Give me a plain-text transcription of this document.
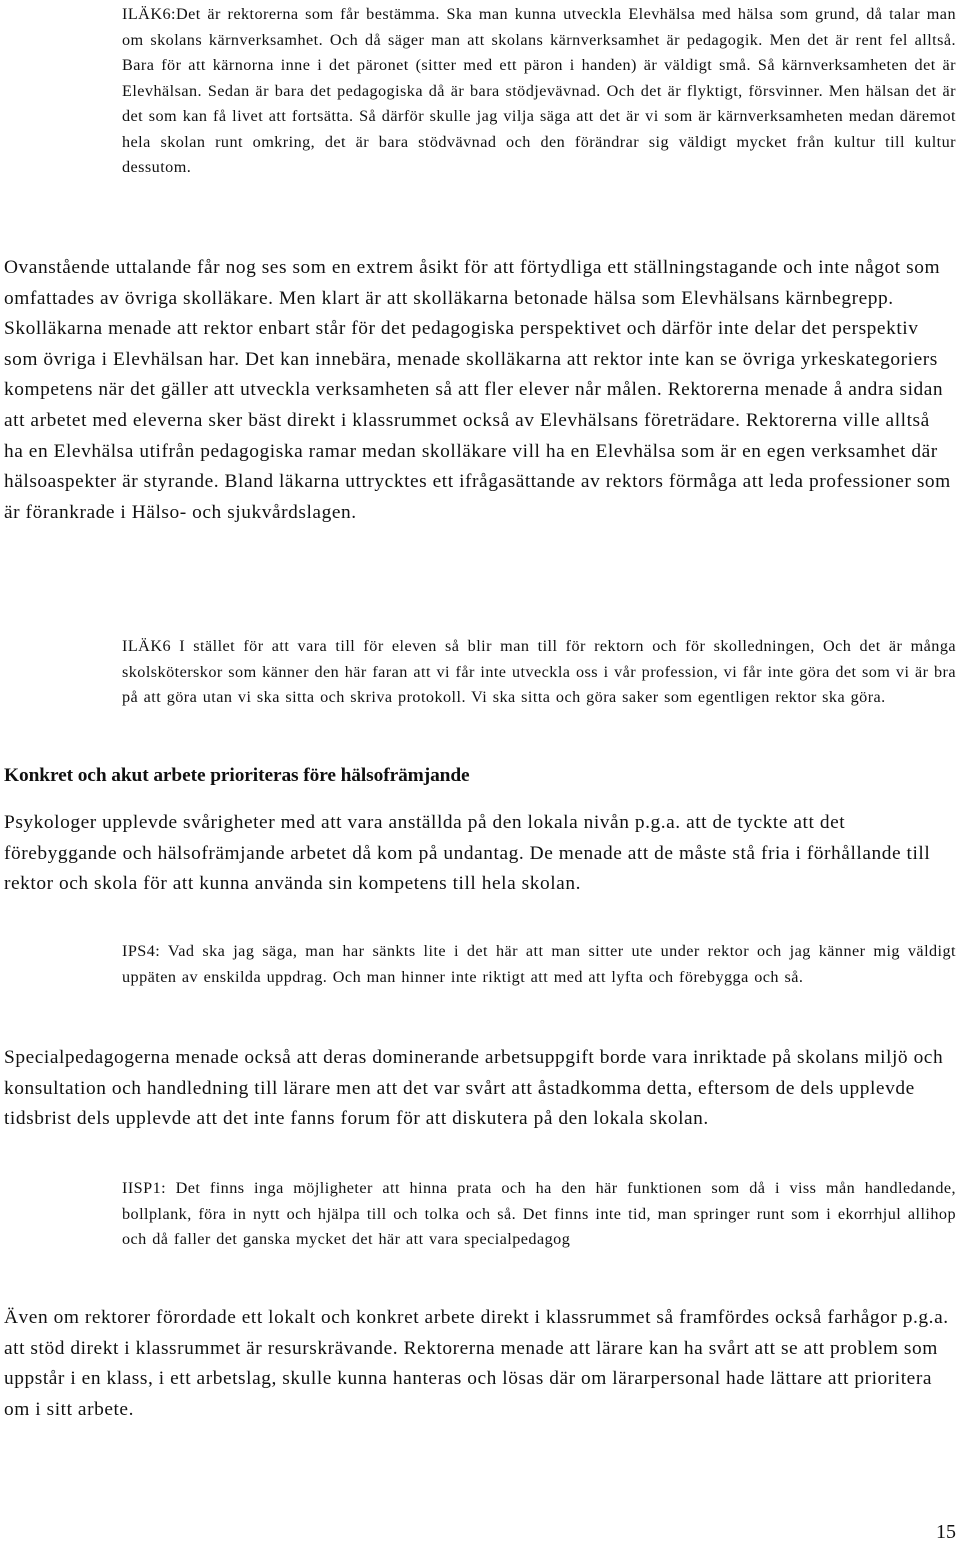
ILÄK6:Det är rektorerna som får bestämma. Ska man kunna utveckla Elevhälsa med hälsa som grund, då talar man om skolans kärnverksamhet. Och då säger man att skolans kärnverksamhet är pedagogik. Men det är rent fel alltså. Bara för att kärnorna inne i det päronet (sitter med ett päron i handen) är väldigt små. Så kärnverksamheten det är Elevhälsan. Sedan är bara det pedagogiska då är bara stödjevävnad. Och det är flyktigt, försvinner. Men hälsan det är det som kan få livet att fortsätta. Så därför skulle jag vilja säga att det är vi som är kärnverksamheten medan däremot hela skolan runt omkring, det är bara stödvävnad och den förändrar sig väldigt mycket från kultur till kultur dessutom.

Ovanstående uttalande får nog ses som en extrem åsikt för att förtydliga ett ställningstagande och inte något som omfattades av övriga skolläkare. Men klart är att skolläkarna betonade hälsa som Elevhälsans kärnbegrepp. Skolläkarna menade att rektor enbart står för det pedagogiska perspektivet och därför inte delar det perspektiv som övriga i Elevhälsan har. Det kan innebära, menade skolläkarna att rektor inte kan se övriga yrkeskategoriers kompetens när det gäller att utveckla verksamheten så att fler elever når målen. Rektorerna menade å andra sidan att arbetet med eleverna sker bäst direkt i klassrummet också av Elevhälsans företrädare. Rektorerna ville alltså ha en Elevhälsa utifrån pedagogiska ramar medan skolläkare vill ha en Elevhälsa som är en egen verksamhet där hälsoaspekter är styrande. Bland läkarna uttrycktes ett ifrågasättande av rektors förmåga att leda professioner som är förankrade i Hälso- och sjukvårdslagen.

ILÄK6 I stället för att vara till för eleven så blir man till för rektorn och för skolledningen, Och det är många skolsköterskor som känner den här faran att vi får inte utveckla oss i vår profession, vi får inte göra det som vi är bra på att göra utan vi ska sitta och skriva protokoll. Vi ska sitta och göra saker som egentligen rektor ska göra.

Konkret och akut arbete prioriteras före hälsofrämjande

Psykologer upplevde svårigheter med att vara anställda på den lokala nivån p.g.a. att de tyckte att det förebyggande och hälsofrämjande arbetet då kom på undantag. De menade att de måste stå fria i förhållande till rektor och skola för att kunna använda sin kompetens till hela skolan.

IPS4: Vad ska jag säga, man har sänkts lite i det här att man sitter ute under rektor och jag känner mig väldigt uppäten av enskilda uppdrag. Och man hinner inte riktigt att med att lyfta och förebygga och så.

Specialpedagogerna menade också att deras dominerande arbetsuppgift borde vara inriktade på skolans miljö och konsultation och handledning till lärare men att det var svårt att åstadkomma detta, eftersom de dels upplevde tidsbrist dels upplevde att det inte fanns forum för att diskutera på den lokala skolan.

IISP1: Det finns inga möjligheter att hinna prata och ha den här funktionen som då i viss mån handledande, bollplank, föra in nytt och hjälpa till och tolka och så. Det finns inte tid, man springer runt som i ekorrhjul allihop och då faller det ganska mycket det här att vara specialpedagog

Även om rektorer förordade ett lokalt och konkret arbete direkt i klassrummet så framfördes också farhågor p.g.a. att stöd direkt i klassrummet är resurskrävande. Rektorerna menade att lärare kan ha svårt att se att problem som uppstår i en klass, i ett arbetslag, skulle kunna hanteras och lösas där om lärarpersonal hade lättare att prioritera om i sitt arbete.

15
